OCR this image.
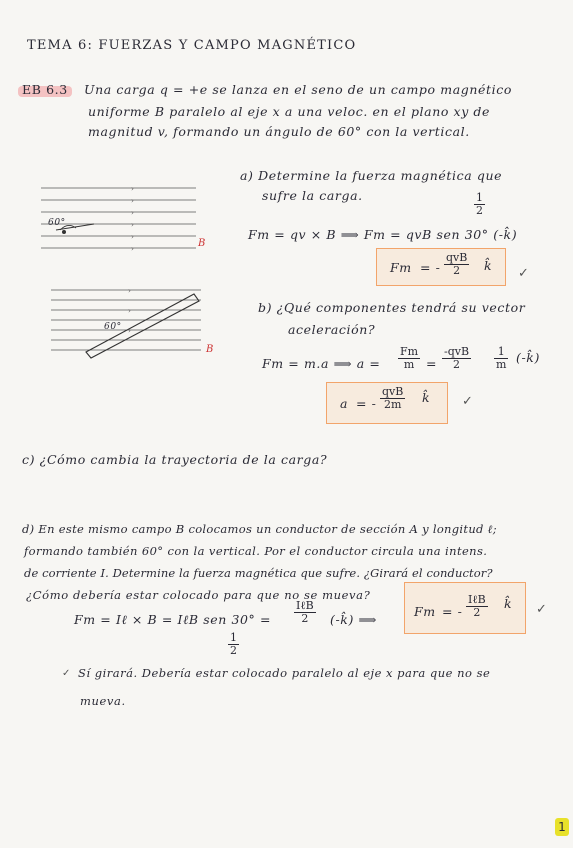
TEMA 6: FUERZAS Y CAMPO MAGNÉTICO
EB 6.3 Una carga q = +e se lanza en el seno de un campo magnético
uniforme B paralelo al eje x a una veloc. en el plano xy de
magnitud v, formando un ángulo de 60° con la vertical.
›
›
›
›
›
›
60°
B
›
›
›
60°
B
a) Determine la fuerza magnética que
sufre la carga.	$\frac{1}{2}$
Fm = qv × B ⟹ Fm = qvB sen 30° (-k̂)
Fm = -
qvB
2	k̂
✓
b) ¿Qué componentes tendrá su vector
aceleración?
Fm = m.a ⟹ $a = \frac{Fm}{m}$ =
-qvB
2	$\frac{1}{m}$ (-k̂)
a = -
qvB
2m	k̂ ✓
c) ¿Cómo cambia la trayectoria de la carga?
d) En este mismo campo B colocamos un conductor de sección A y longitud ℓ;
formando también 60° con la vertical. Por el conductor circula una intens.
de corriente I. Determine la fuerza magnética que sufre. ¿Girará el conductor?
¿Cómo debería estar colocado para que no se mueva?
Fm = Iℓ × B = IℓB sen 30° =
IℓB
2	(-k̂) ⟹
$\frac{1}{2}$
Fm = -
IℓB
2
k̂ ✓
✓ Sí girará. Debería estar colocado paralelo al eje x para que no se
mueva.
1
